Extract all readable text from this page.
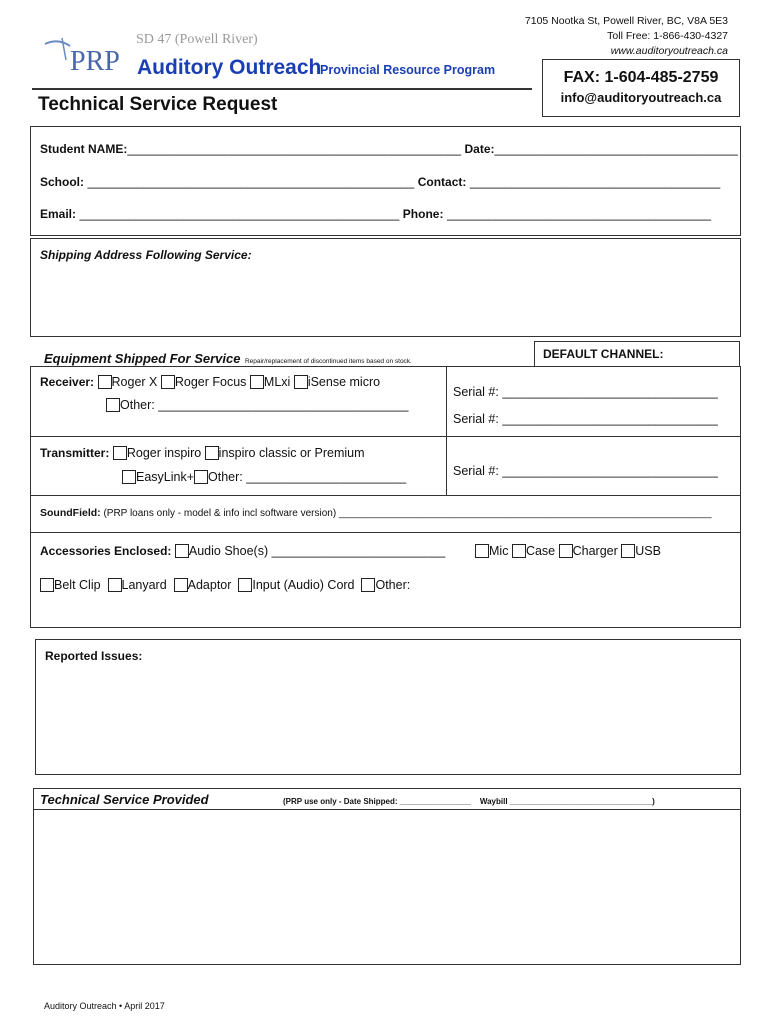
7105 Nootka St, Powell River, BC, V8A 5E3
Toll Free: 1-866-430-4327
www.auditoryoutreach.ca
PRP
SD 47 (Powell River)
Auditory Outreach
Provincial Resource Program	FAX: 1-604-485-2759
info@auditoryoutreach.ca
Technical Service Request
Student NAME:________________________________________________ Date:___________________________________
School: _______________________________________________ Contact: ____________________________________
Email: ______________________________________________ Phone: ______________________________________
Shipping Address Following Service:
Equipment Shipped For Service Repair/replacement of discontinued items based on stock.
DEFAULT CHANNEL:
Receiver: Roger X Roger Focus MLxi iSense micro
Other: ____________________________________
Serial #: _______________________________
Serial #: _______________________________
Transmitter: Roger inspiro inspiro classic or Premium
EasyLink+ Other: _______________________	Serial #: _______________________________
SoundField: (PRP loans only - model & info incl software version) ___________________________________________________________________
Accessories Enclosed: Audio Shoe(s) _________________________	Mic Case Charger USB
Belt Clip Lanyard Adaptor Input (Audio) Cord Other:
Reported Issues:
Technical Service Provided	(PRP use only - Date Shipped: ________________ Waybill ________________________________)
Auditory Outreach • April 2017
